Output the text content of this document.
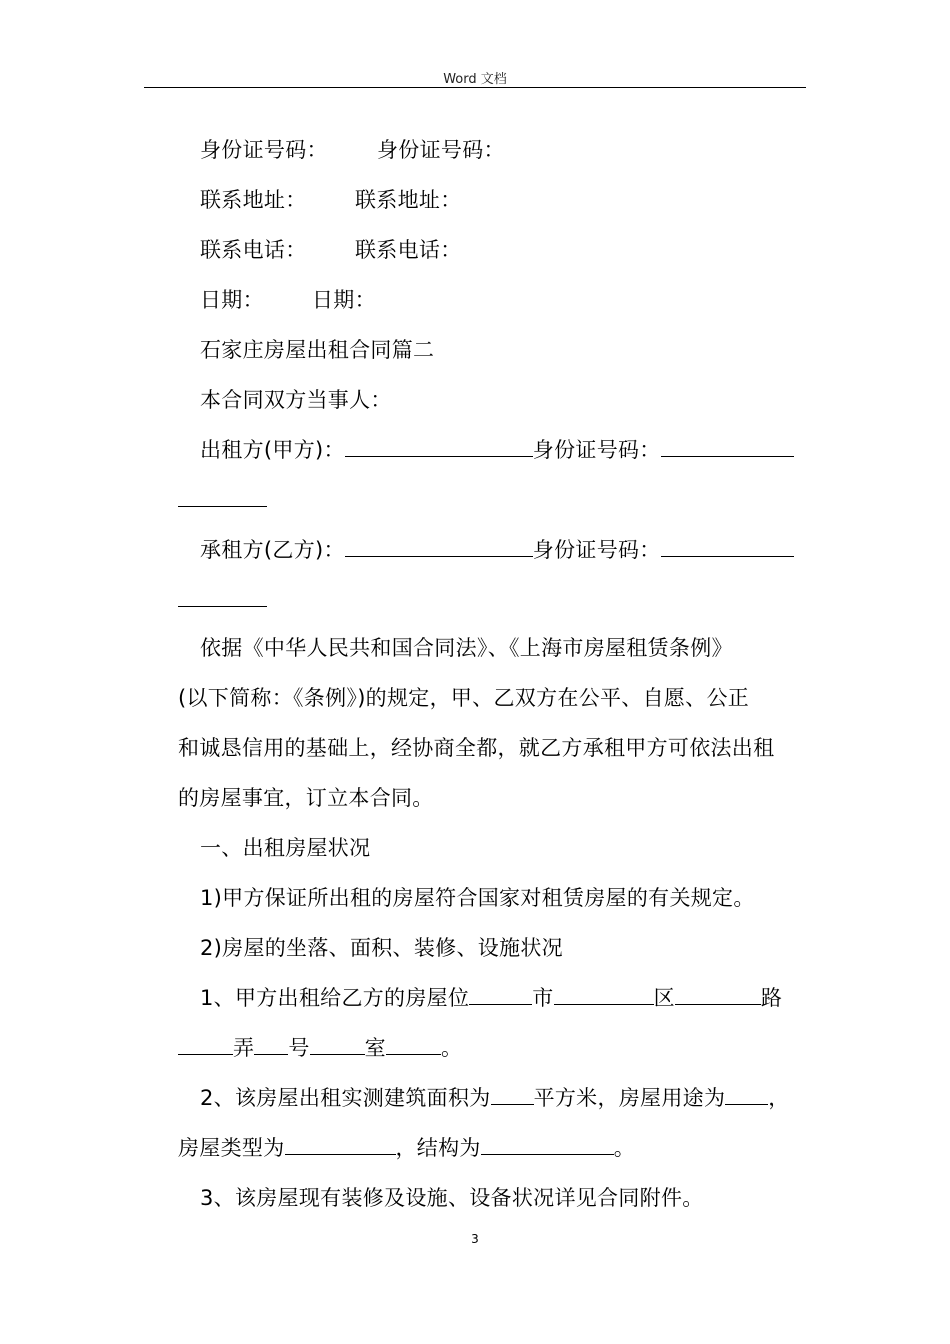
Word 文档
身份证号码： 身份证号码：
联系地址： 联系地址：
联系电话： 联系电话：
日期： 日期：
石家庄房屋出租合同篇二
本合同双方当事人：
出租方(甲方)：	身份证号码：
承租方(乙方)：	身份证号码：
依据《中华人民共和国合同法》、《上海市房屋租赁条例》
(以下简称：《条例》)的规定，甲、乙双方在公平、自愿、公正
和诚恳信用的基础上，经协商全都，就乙方承租甲方可依法出租
的房屋事宜，订立本合同。
一、出租房屋状况
1)甲方保证所出租的房屋符合国家对租赁房屋的有关规定。
2)房屋的坐落、面积、装修、设施状况
1、甲方出租给乙方的房屋位	市	区	路
弄 号	室	。
2、该房屋出租实测建筑面积为 平方米，房屋用途为 ，
房屋类型为	，结构为	。
3、该房屋现有装修及设施、设备状况详见合同附件。
3
